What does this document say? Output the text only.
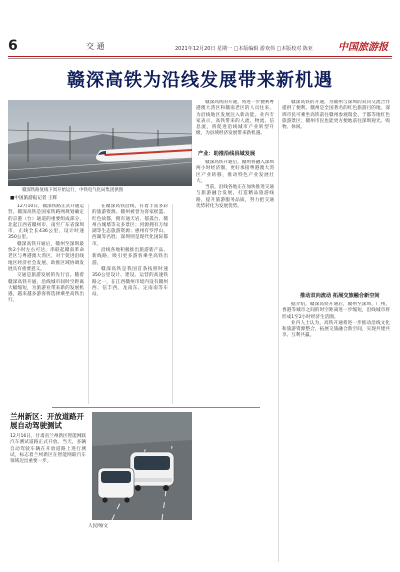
6	交 通	2021年12月20日 星期一 □本版编辑 游欢伟 □本版校对 陈亚	中国旅游报
赣深高铁为沿线发展带来新机遇
赣深铁路复线下周开始运行，中铁电气化局集团供图
■中国旅游报记者 王辉

12月10日，赣深铁路正式开通运营。赣深高铁是国家铁路网规划确定的京港（台）通道的重要组成部分，北起江西省赣州市，南至广东省深圳市，正线全长436公里，设计时速350公里。

赣深高铁开通后，赣州至深圳最快2小时左右可达，串联起赣南革命老区与粤港澳大湾区，对于促进沿线地区经济社会发展、助推区域协调发展具有重要意义。

交通是旅游发展的先行官。随着赣深高铁开通，沿线城市间时空距离大幅缩短，为旅游业带来新的发展机遇，越来越多游客将选择乘坐高铁出行。

在赣深高铁沿线，有着丰富多彩的旅游资源。赣州被誉为客家摇篮、红色故都，拥有通天岩、郁孤台、赣州古城墙等众多景区；河源拥有万绿湖等生态旅游资源；惠州有罗浮山、西湖等名胜；深圳则是现代化国际都市。

沿线各地积极推出旅游新产品、新线路，吸引更多游客乘坐高铁出游。

赣深高铁是我国首条按照时速350公里设计、建设、运营的高速铁路之一，在江西赣州市境内设有赣州西、信丰西、龙南东、定南南等车站。

赣深高铁的开通，将进一步便利粤港澳大湾区和赣南老区的人员往来，为沿线地区发展注入新动能。业内专家表示，高铁带来的人流、物流、信息流，将促进沿线城市产业转型升级，为县域经济发展带来新机遇。

产业：助推沿线县域发展

赣深高铁开通后，赣州将融入深圳两小时经济圈，更好承接粤港澳大湾区产业转移，推动特色产业发展壮大。

当前，沿线各地正在加快推进交通与旅游融合发展，打造精品旅游线路，提升旅游服务品质，努力把交通优势转化为发展优势。

赣深高铁的开通，为赣州与深圳的双向交流合作提供了便利。赣州是全国著名的红色旅游目的地，深圳市民可乘坐高铁前往赣州参观瑞金、于都等地红色旅游景区；赣州市民也能更方便地前往深圳观光、购物、休闲。

推动双向流动 拓展交旅融合新空间

据介绍，赣深高铁开通后，赣州至深圳、广州、香港等城市之间的时空距离进一步缩短，沿线城市将形成1至2小时经济生活圈。

业内人士认为，高铁开通将进一步推动沿线文化和旅游资源整合，拓展交旅融合新空间，实现共建共享、互利共赢。

兰州新区：开放道路开展自动驾驶测试
12月16日，甘肃省兰州新区智能网联汽车测试道路正式开放。当天，多辆自动驾驶车辆在开放道路上进行测试，标志着兰州新区在智能网联汽车领域迈出重要一步。
人民网/文
